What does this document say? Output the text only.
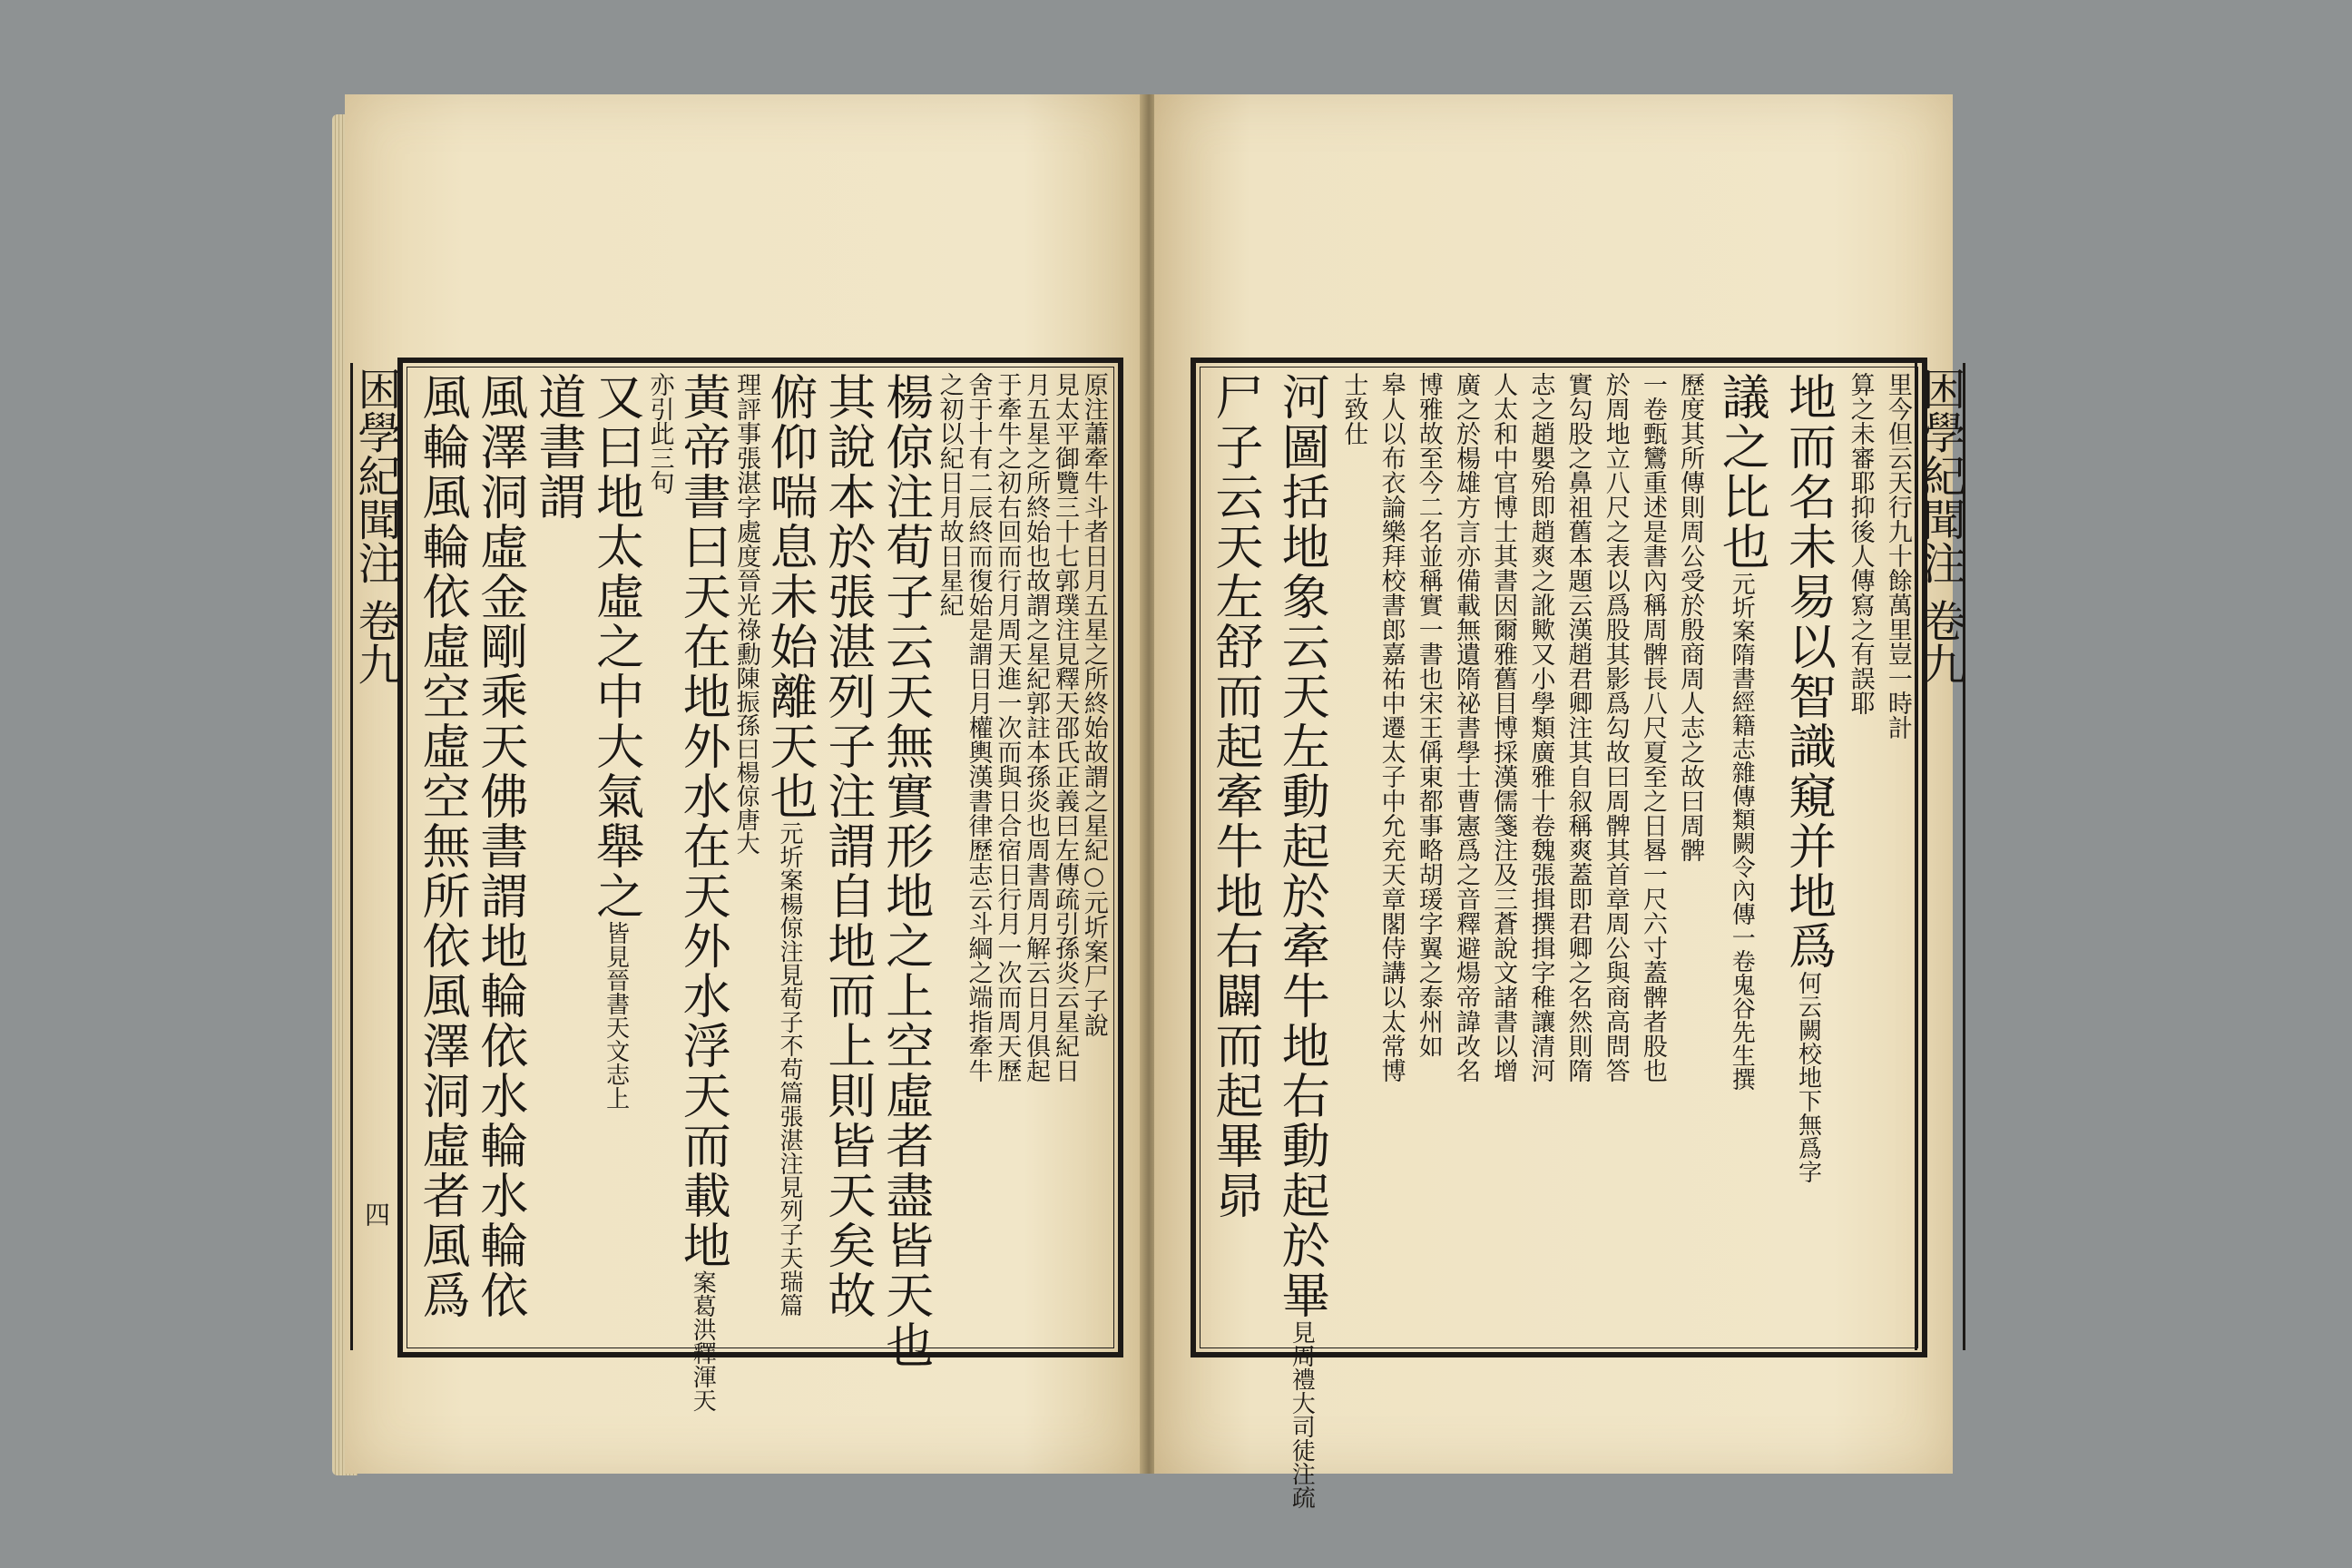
困學紀聞注 卷九
四
原注蕭牽牛斗者日月五星之所終始故謂之星紀○元圻案尸子說
見太平御覽三十七郭璞注見釋天邵氏正義曰左傳疏引孫炎云星紀日
月五星之所終始也故謂之星紀郭註本孫炎也周書周月解云日月俱起
于牽牛之初右回而行月周天進一次而與日合宿日行月一次而周天歷
舍于十有二辰終而復始是謂日月權輿漢書律歷志云斗綱之端指牽牛
之初以紀日月故日星紀
楊倞注荀子云天無實形地之上空虛者盡皆天也
其說本於張湛列子注謂自地而上則皆天矣故
俯仰喘息未始離天也元圻案楊倞注見荀子不苟篇張湛注見列子天瑞篇
理評事張湛字處度晉光祿勳陳振孫曰楊倞唐大
黃帝書曰天在地外水在天外水浮天而載地案葛洪釋渾天
亦引此三句
又曰地太虛之中大氣舉之皆見晉書天文志上
道書謂
風澤洞虛金剛乘天佛書謂地輪依水輪水輪依
風輪風輪依虛空虛空無所依風澤洞虛者風爲	困學紀聞注 卷九
里今但云天行九十餘萬里豈一時計
算之未審耶抑後人傳寫之有誤耶
地而名未易以智識窺并地爲何云闕校地下無爲字
議之比也元圻案隋書經籍志雜傳類闕令內傳一卷鬼谷先生撰
歷度其所傳則周公受於殷商周人志之故曰周髀
一卷甄鸞重述是書內稱周髀長八尺夏至之日晷一尺六寸蓋髀者股也
於周地立八尺之表以爲股其影爲勾故曰周髀其首章周公與商高問答
實勾股之鼻祖舊本題云漢趙君卿注其自叙稱爽蓋即君卿之名然則隋
志之趙嬰殆即趙爽之訛歟又小學類廣雅十卷魏張揖撰揖字稚讓清河
人太和中官博士其書因爾雅舊目博採漢儒箋注及三蒼說文諸書以增
廣之於楊雄方言亦備載無遺隋祕書學士曹憲爲之音釋避煬帝諱改名
博雅故至今二名並稱實一書也宋王偁東都事略胡瑗字翼之泰州如
皋人以布衣論樂拜校書郎嘉祐中遷太子中允充天章閣侍講以太常博
士致仕
河圖括地象云天左動起於牽牛地右動起於畢見周禮大司徒注疏
尸子云天左舒而起牽牛地右闢而起畢昴
